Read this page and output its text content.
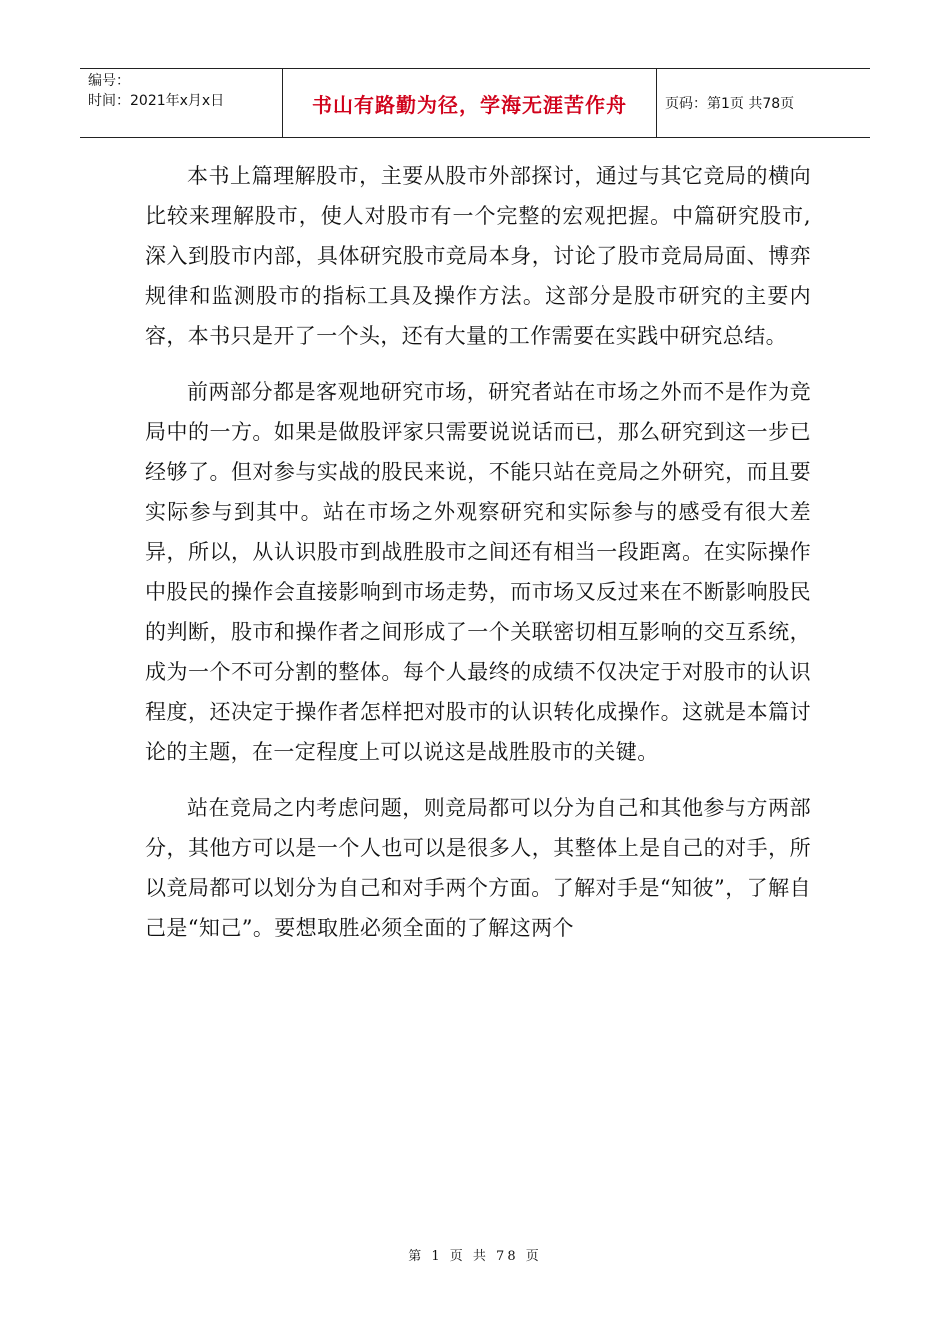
编号：
时间：2021年x月x日	书山有路勤为径，学海无涯苦作舟	页码：第1页 共78页

本书上篇理解股市，主要从股市外部探讨，通过与其它竞局的横向比较来理解股市，使人对股市有一个完整的宏观把握。中篇研究股市,深入到股市内部，具体研究股市竞局本身，讨论了股市竞局局面、博弈规律和监测股市的指标工具及操作方法。这部分是股市研究的主要内容，本书只是开了一个头，还有大量的工作需要在实践中研究总结。

前两部分都是客观地研究市场，研究者站在市场之外而不是作为竞局中的一方。如果是做股评家只需要说说话而已，那么研究到这一步已经够了。但对参与实战的股民来说，不能只站在竞局之外研究，而且要实际参与到其中。站在市场之外观察研究和实际参与的感受有很大差异，所以，从认识股市到战胜股市之间还有相当一段距离。在实际操作中股民的操作会直接影响到市场走势，而市场又反过来在不断影响股民的判断，股市和操作者之间形成了一个关联密切相互影响的交互系统，成为一个不可分割的整体。每个人最终的成绩不仅决定于对股市的认识程度，还决定于操作者怎样把对股市的认识转化成操作。这就是本篇讨论的主题，在一定程度上可以说这是战胜股市的关键。

站在竞局之内考虑问题，则竞局都可以分为自己和其他参与方两部分，其他方可以是一个人也可以是很多人，其整体上是自己的对手，所以竞局都可以划分为自己和对手两个方面。了解对手是“知彼”，了解自己是“知己”。要想取胜必须全面的了解这两个

第 1 页 共 78 页
